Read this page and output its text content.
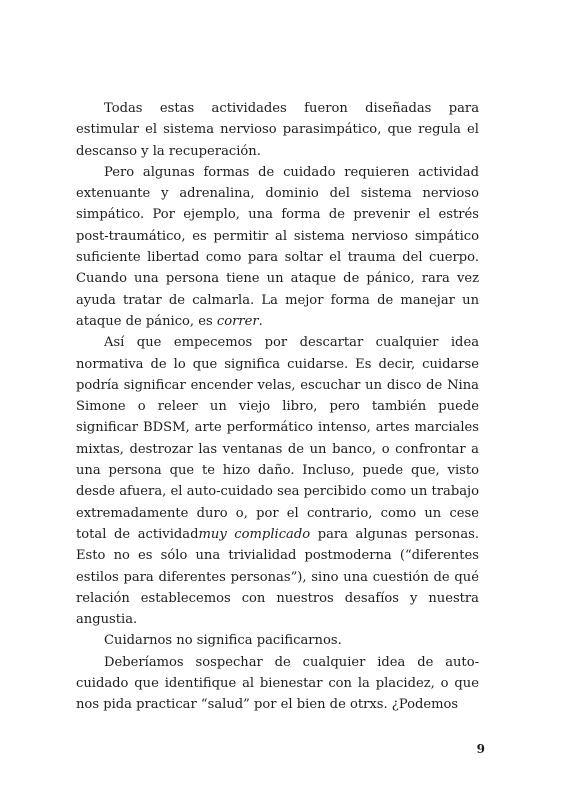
Todas estas actividades fueron diseñadas para estimular el sistema nervioso parasimpático, que regula el descanso y la recuperación.

Pero algunas formas de cuidado requieren actividad extenuante y adrenalina, dominio del sistema nervioso simpático. Por ejemplo, una forma de prevenir el estrés post-traumático, es permitir al sistema nervioso simpático suficiente libertad como para soltar el trauma del cuerpo. Cuando una persona tiene un ataque de pánico, rara vez ayuda tratar de calmarla. La mejor forma de manejar un ataque de pánico, es correr.

Así que empecemos por descartar cualquier idea normativa de lo que significa cuidarse. Es decir, cuidarse podría significar encender velas, escuchar un disco de Nina Simone o releer un viejo libro, pero también puede significar BDSM, arte performático intenso, artes marciales mixtas, destrozar las ventanas de un banco, o confrontar a una persona que te hizo daño. Incluso, puede que, visto desde afuera, el auto-cuidado sea percibido como un trabajo extremadamente duro o, por el contrario, como un cese total de actividadmuy complicado para algunas personas. Esto no es sólo una trivialidad postmoderna (“diferentes estilos para diferentes personas”), sino una cuestión de qué relación establecemos con nuestros desafíos y nuestra angustia.

Cuidarnos no significa pacificarnos.

Deberíamos sospechar de cualquier idea de auto-cuidado que identifique al bienestar con la placidez, o que nos pida practicar “salud” por el bien de otrxs. ¿Podemos

9
